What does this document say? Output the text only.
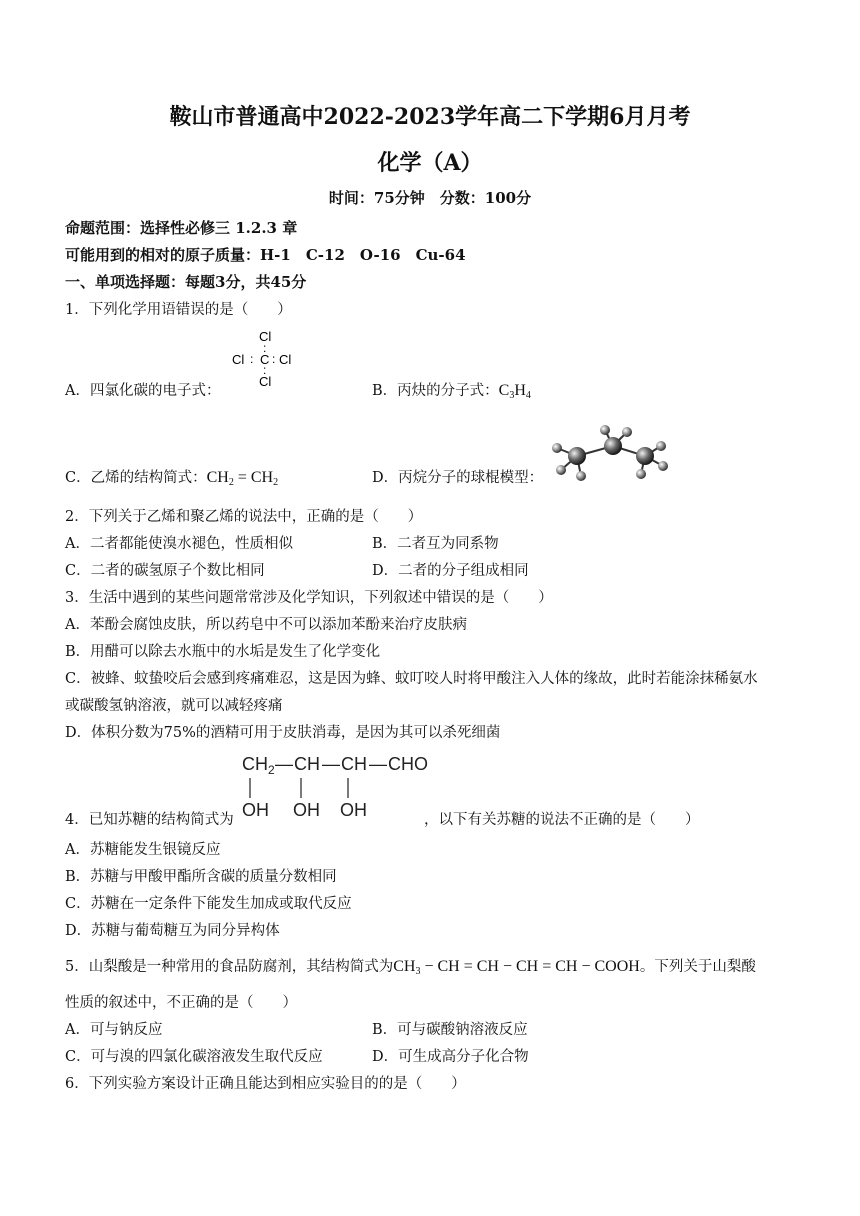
鞍山市普通高中2022-2023学年高二下学期6月月考
化学（A）
时间：75分钟　分数：100分
命题范围：选择性必修三 1.2.3 章
可能用到的相对的原子质量：H-1　C-12　O-16　Cu-64
一、单项选择题：每题3分，共45分
1．下列化学用语错误的是（　　）
Cl
:
Cl : C : Cl
:
Cl
A．四氯化碳的电子式：	B．丙炔的分子式：$C_3H_4$
C．乙烯的结构简式：$CH_2 = CH_2$	D．丙烷分子的球棍模型：
2．下列关于乙烯和聚乙烯的说法中，正确的是（　　）
A．二者都能使溴水褪色，性质相似	B．二者互为同系物
C．二者的碳氢原子个数比相同	D．二者的分子组成相同
3．生活中遇到的某些问题常常涉及化学知识，下列叙述中错误的是（　　）
A．苯酚会腐蚀皮肤，所以药皂中不可以添加苯酚来治疗皮肤病
B．用醋可以除去水瓶中的水垢是发生了化学变化
C．被蜂、蚊蛰咬后会感到疼痛难忍，这是因为蜂、蚊叮咬人时将甲酸注入人体的缘故，此时若能涂抹稀氨水
或碳酸氢钠溶液，就可以减轻疼痛
D．体积分数为75%的酒精可用于皮肤消毒，是因为其可以杀死细菌
$CH_2$ — CH — CH — CHO
OH OH OH
4．已知苏糖的结构简式为	，以下有关苏糖的说法不正确的是（　　）
A．苏糖能发生银镜反应
B．苏糖与甲酸甲酯所含碳的质量分数相同
C．苏糖在一定条件下能发生加成或取代反应
D．苏糖与葡萄糖互为同分异构体
5．山梨酸是一种常用的食品防腐剂，其结构简式为$CH_3$ − CH = CH − CH = CH − COOH。下列关于山梨酸
性质的叙述中，不正确的是（　　）
A．可与钠反应	B．可与碳酸钠溶液反应
C．可与溴的四氯化碳溶液发生取代反应	D．可生成高分子化合物
6．下列实验方案设计正确且能达到相应实验目的的是（　　）
